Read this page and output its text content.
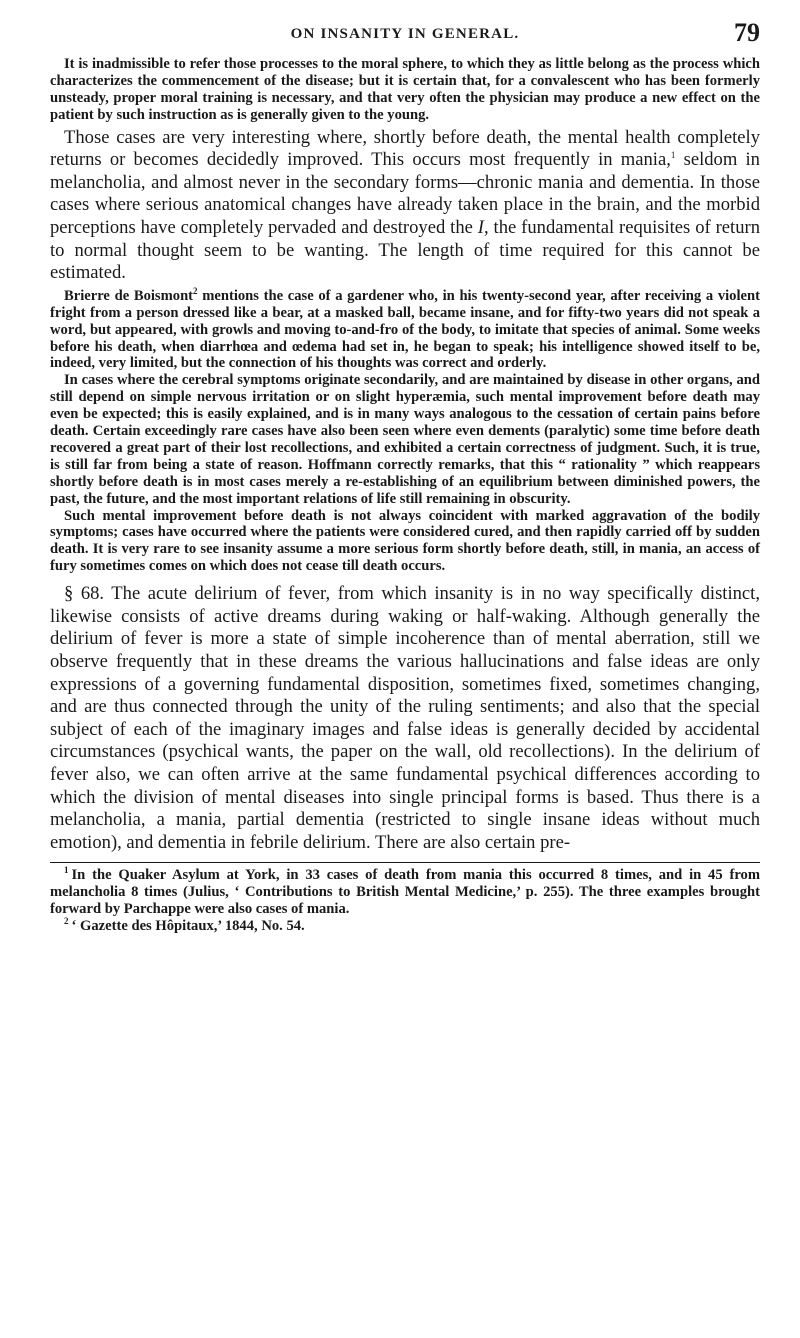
ON INSANITY IN GENERAL.	79

It is inadmissible to refer those processes to the moral sphere, to which they as little belong as the process which characterizes the commencement of the disease; but it is certain that, for a convalescent who has been formerly unsteady, proper moral training is necessary, and that very often the physician may produce a new effect on the patient by such instruction as is generally given to the young.

Those cases are very interesting where, shortly before death, the mental health completely returns or becomes decidedly improved. This occurs most frequently in mania,$^1$ seldom in melancholia, and almost never in the secondary forms—chronic mania and dementia. In those cases where serious anatomical changes have already taken place in the brain, and the morbid perceptions have completely pervaded and destroyed the I, the fundamental requisites of return to normal thought seem to be wanting. The length of time required for this cannot be estimated.

Brierre de Boismont$^2$ mentions the case of a gardener who, in his twenty-second year, after receiving a violent fright from a person dressed like a bear, at a masked ball, became insane, and for fifty-two years did not speak a word, but appeared, with growls and moving to-and-fro of the body, to imitate that species of animal. Some weeks before his death, when diarrhœa and œdema had set in, he began to speak; his intelligence showed itself to be, indeed, very limited, but the connection of his thoughts was correct and orderly.

In cases where the cerebral symptoms originate secondarily, and are maintained by disease in other organs, and still depend on simple nervous irritation or on slight hyperæmia, such mental improvement before death may even be expected; this is easily explained, and is in many ways analogous to the cessation of certain pains before death. Certain exceedingly rare cases have also been seen where even dements (paralytic) some time before death recovered a great part of their lost recollections, and exhibited a certain correctness of judgment. Such, it is true, is still far from being a state of reason. Hoffmann correctly remarks, that this “ rationality ” which reappears shortly before death is in most cases merely a re-establishing of an equilibrium between diminished powers, the past, the future, and the most important relations of life still remaining in obscurity.

Such mental improvement before death is not always coincident with marked aggravation of the bodily symptoms; cases have occurred where the patients were considered cured, and then rapidly carried off by sudden death. It is very rare to see insanity assume a more serious form shortly before death, still, in mania, an access of fury sometimes comes on which does not cease till death occurs.

§ 68. The acute delirium of fever, from which insanity is in no way specifically distinct, likewise consists of active dreams during waking or half-waking. Although generally the delirium of fever is more a state of simple incoherence than of mental aberration, still we observe frequently that in these dreams the various hallucinations and false ideas are only expressions of a governing fundamental disposition, sometimes fixed, sometimes changing, and are thus connected through the unity of the ruling sentiments; and also that the special subject of each of the imaginary images and false ideas is generally decided by accidental circumstances (psychical wants, the paper on the wall, old recollections). In the delirium of fever also, we can often arrive at the same fundamental psychical differences according to which the division of mental diseases into single principal forms is based. Thus there is a melancholia, a mania, partial dementia (restricted to single insane ideas without much emotion), and dementia in febrile delirium. There are also certain pre-

$^1$ In the Quaker Asylum at York, in 33 cases of death from mania this occurred 8 times, and in 45 from melancholia 8 times (Julius, ‘ Contributions to British Mental Medicine,’ p. 255). The three examples brought forward by Parchappe were also cases of mania.

$^2$ ‘ Gazette des Hôpitaux,’ 1844, No. 54.
